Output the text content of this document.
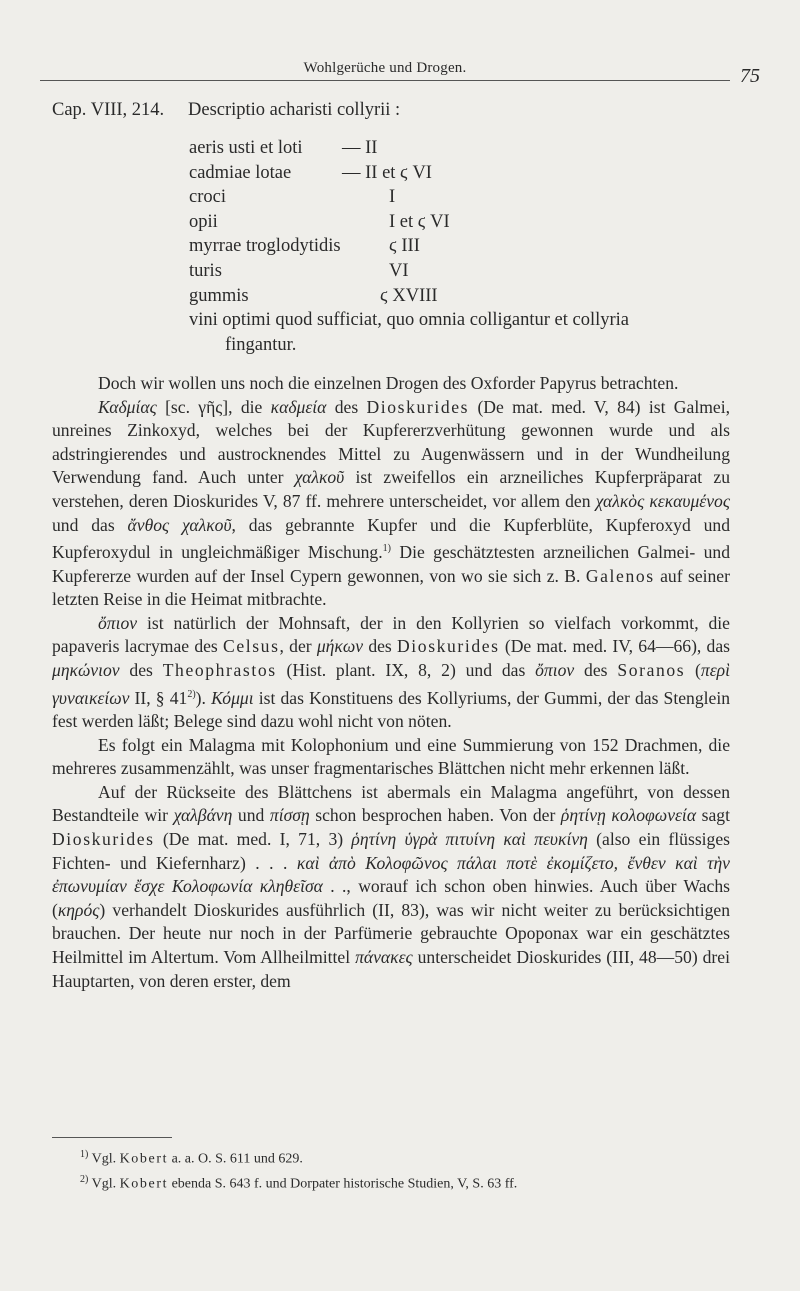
Wohlgerüche und Drogen.	75
Cap. VIII, 214. Descriptio acharisti collyrii :
aeris usti et loti — II
cadmiae lotae	— II et ϛ VI
croci	I
opii	I et ϛ VI
myrrae troglodytidis	ϛ III
turis	VI
gummis	ϛ XVIII
vini optimi quod sufficiat, quo omnia colligantur et collyria
fingantur.

Doch wir wollen uns noch die einzelnen Drogen des Oxforder Papyrus betrachten.

Καδμίας [sc. γῆς], die καδμεία des Dioskurides (De mat. med. V, 84) ist Galmei, unreines Zinkoxyd, welches bei der Kupfererzverhütung gewonnen wurde und als adstringierendes und austrocknendes Mittel zu Augenwässern und in der Wundheilung Verwendung fand. Auch unter χαλκοῦ ist zweifellos ein arzneiliches Kupferpräparat zu verstehen, deren Dioskurides V, 87 ff. mehrere unterscheidet, vor allem den χαλκὸς κεκαυμένος und das ἄνθος χαλκοῦ, das gebrannte Kupfer und die Kupferblüte, Kupferoxyd und Kupferoxydul in ungleichmäßiger Mischung.$^{1)}$ Die geschätztesten arzneilichen Galmei- und Kupfererze wurden auf der Insel Cypern gewonnen, von wo sie sich z. B. Galenos auf seiner letzten Reise in die Heimat mitbrachte.

ὄπιον ist natürlich der Mohnsaft, der in den Kollyrien so vielfach vorkommt, die papaveris lacrymae des Celsus, der μήκων des Dioskurides (De mat. med. IV, 64—66), das μηκώνιον des Theophrastos (Hist. plant. IX, 8, 2) und das ὄπιον des Soranos (περὶ γυναικείων II, § 41$^{2)}$). Κόμμι ist das Konstituens des Kollyriums, der Gummi, der das Stenglein fest werden läßt; Belege sind dazu wohl nicht von nöten.

Es folgt ein Malagma mit Kolophonium und eine Summierung von 152 Drachmen, die mehreres zusammenzählt, was unser fragmentarisches Blättchen nicht mehr erkennen läßt.

Auf der Rückseite des Blättchens ist abermals ein Malagma angeführt, von dessen Bestandteile wir χαλβάνη und πίσσῃ schon besprochen haben. Von der ῥητίνῃ κολοφωνεία sagt Dioskurides (De mat. med. I, 71, 3) ῥητίνη ὑγρὰ πιτυίνη καὶ πευκίνη (also ein flüssiges Fichten- und Kiefernharz) . . . καὶ ἀπὸ Κολοφῶνος πάλαι ποτὲ ἐκομίζετο, ἔνθεν καὶ τὴν ἐπωνυμίαν ἔσχε Κολοφωνία κληθεῖσα . ., worauf ich schon oben hinwies. Auch über Wachs (κηρός) verhandelt Dioskurides ausführlich (II, 83), was wir nicht weiter zu berücksichtigen brauchen. Der heute nur noch in der Parfümerie gebrauchte Opoponax war ein geschätztes Heilmittel im Altertum. Vom Allheilmittel πάνακες unterscheidet Dioskurides (III, 48—50) drei Hauptarten, von deren erster, dem

$^{1)}$ Vgl. Kobert a. a. O. S. 611 und 629.
$^{2)}$ Vgl. Kobert ebenda S. 643 f. und Dorpater historische Studien, V, S. 63 ff.
